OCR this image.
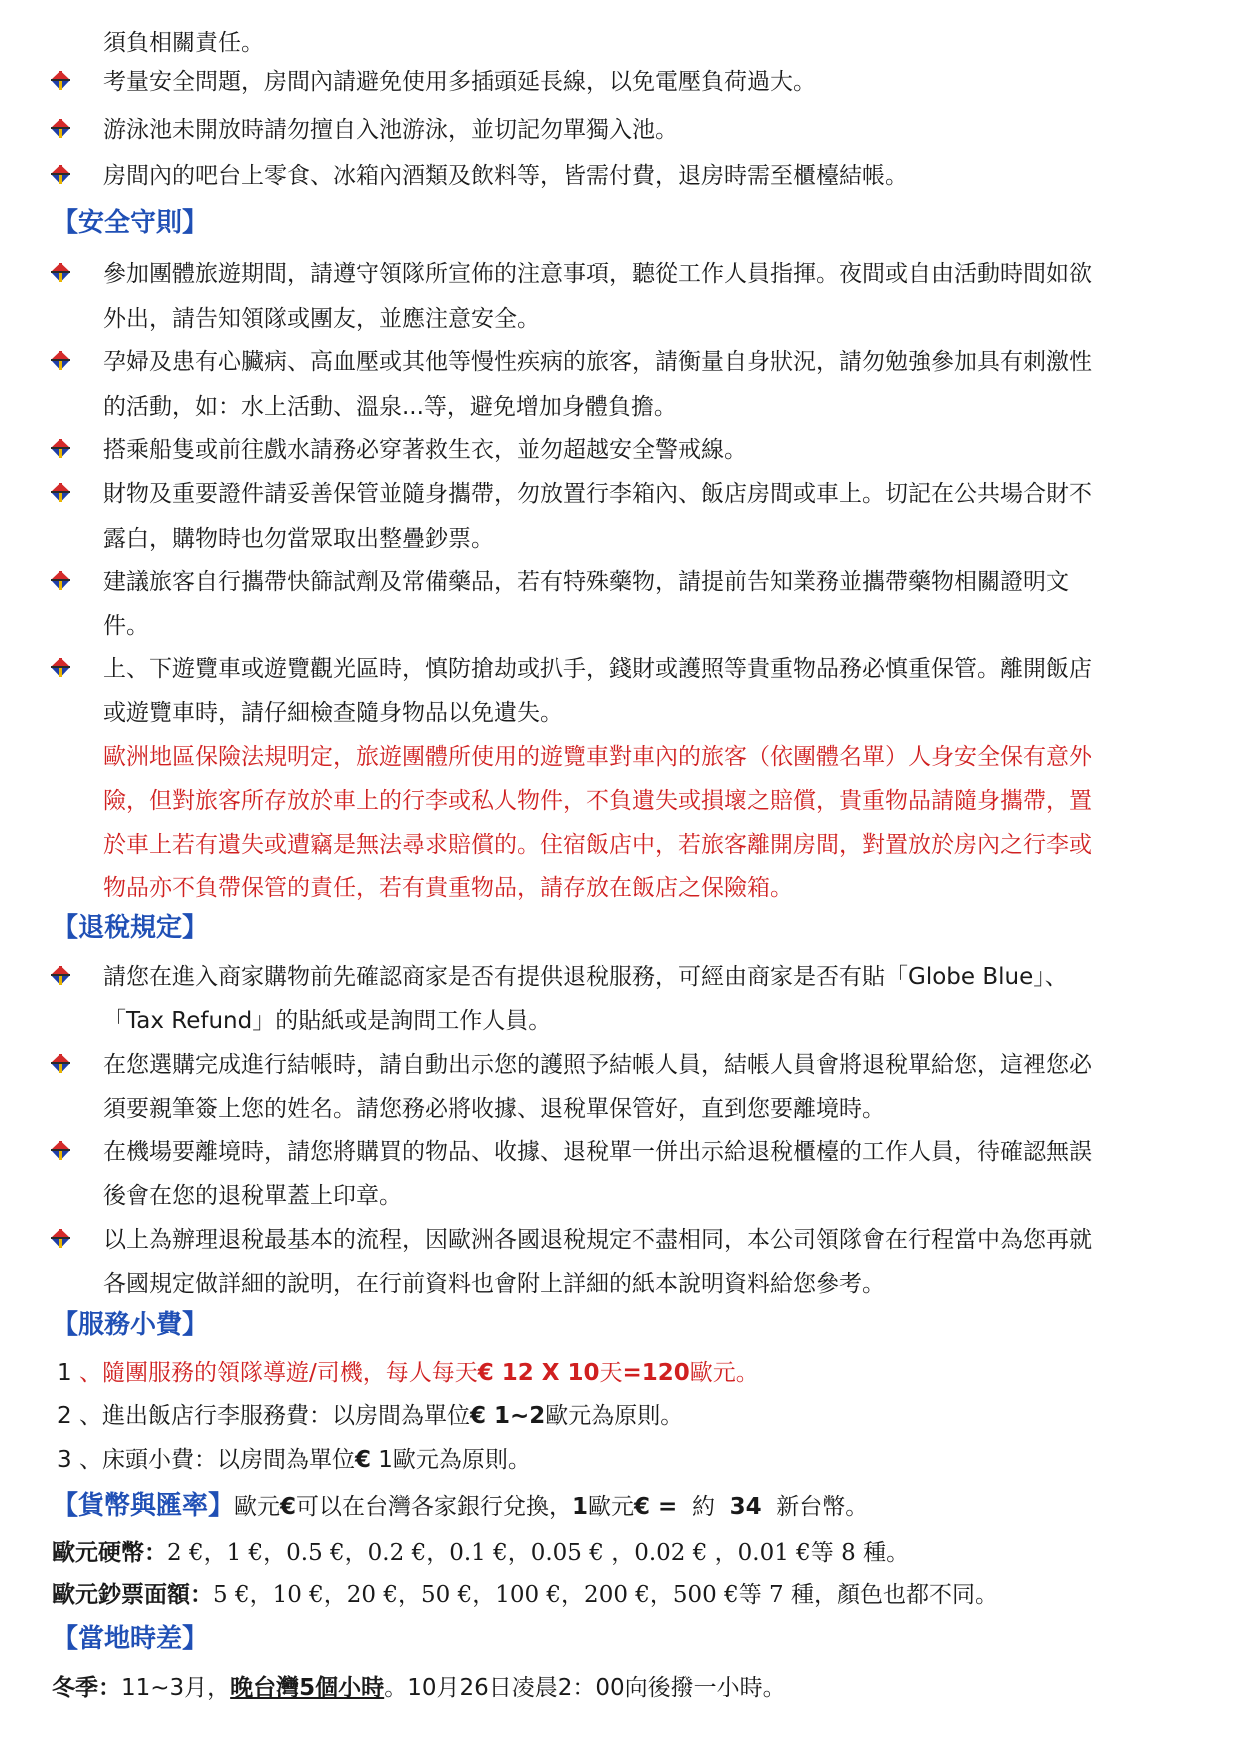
須負相關責任。
考量安全問題，房間內請避免使用多插頭延長線，以免電壓負荷過大。
游泳池未開放時請勿擅自入池游泳，並切記勿單獨入池。
房間內的吧台上零食、冰箱內酒類及飲料等，皆需付費，退房時需至櫃檯結帳。
【安全守則】
參加團體旅遊期間，請遵守領隊所宣佈的注意事項，聽從工作人員指揮。夜間或自由活動時間如欲
外出，請告知領隊或團友，並應注意安全。
孕婦及患有心臟病、高血壓或其他等慢性疾病的旅客，請衡量自身狀況，請勿勉強參加具有刺激性
的活動，如：水上活動、溫泉...等，避免增加身體負擔。
搭乘船隻或前往戲水請務必穿著救生衣，並勿超越安全警戒線。
財物及重要證件請妥善保管並隨身攜帶，勿放置行李箱內、飯店房間或車上。切記在公共場合財不
露白，購物時也勿當眾取出整疊鈔票。
建議旅客自行攜帶快篩試劑及常備藥品，若有特殊藥物，請提前告知業務並攜帶藥物相關證明文
件。
上、下遊覽車或遊覽觀光區時，慎防搶劫或扒手，錢財或護照等貴重物品務必慎重保管。離開飯店
或遊覽車時，請仔細檢查隨身物品以免遺失。
歐洲地區保險法規明定，旅遊團體所使用的遊覽車對車內的旅客（依團體名單）人身安全保有意外
險，但對旅客所存放於車上的行李或私人物件，不負遺失或損壞之賠償，貴重物品請隨身攜帶，置
於車上若有遺失或遭竊是無法尋求賠償的。住宿飯店中，若旅客離開房間，對置放於房內之行李或
物品亦不負帶保管的責任，若有貴重物品，請存放在飯店之保險箱。
【退稅規定】
請您在進入商家購物前先確認商家是否有提供退稅服務，可經由商家是否有貼「Globe Blue」、
「Tax Refund」的貼紙或是詢問工作人員。
在您選購完成進行結帳時，請自動出示您的護照予結帳人員，結帳人員會將退稅單給您，這裡您必
須要親筆簽上您的姓名。請您務必將收據、退稅單保管好，直到您要離境時。
在機場要離境時，請您將購買的物品、收據、退稅單一併出示給退稅櫃檯的工作人員，待確認無誤
後會在您的退稅單蓋上印章。
以上為辦理退稅最基本的流程，因歐洲各國退稅規定不盡相同，本公司領隊會在行程當中為您再就
各國規定做詳細的說明，在行前資料也會附上詳細的紙本說明資料給您參考。
【服務小費】
1 、隨團服務的領隊導遊/司機，每人每天€ 12 X 10天=120歐元。
2 、進出飯店行李服務費：以房間為單位€ 1~2歐元為原則。
3 、床頭小費：以房間為單位€ 1歐元為原則。
【貨幣與匯率】歐元€可以在台灣各家銀行兌換，1歐元€ =  約  34  新台幣。
歐元硬幣：2 €，1 €，0.5 €，0.2 €，0.1 €，0.05 € ，0.02 € ，0.01 €等 8 種。
歐元鈔票面額：5 €，10 €，20 €，50 €，100 €，200 €，500 €等 7 種，顏色也都不同。
【當地時差】
冬季：11~3月，晚台灣5個小時。10月26日凌晨2：00向後撥一小時。
